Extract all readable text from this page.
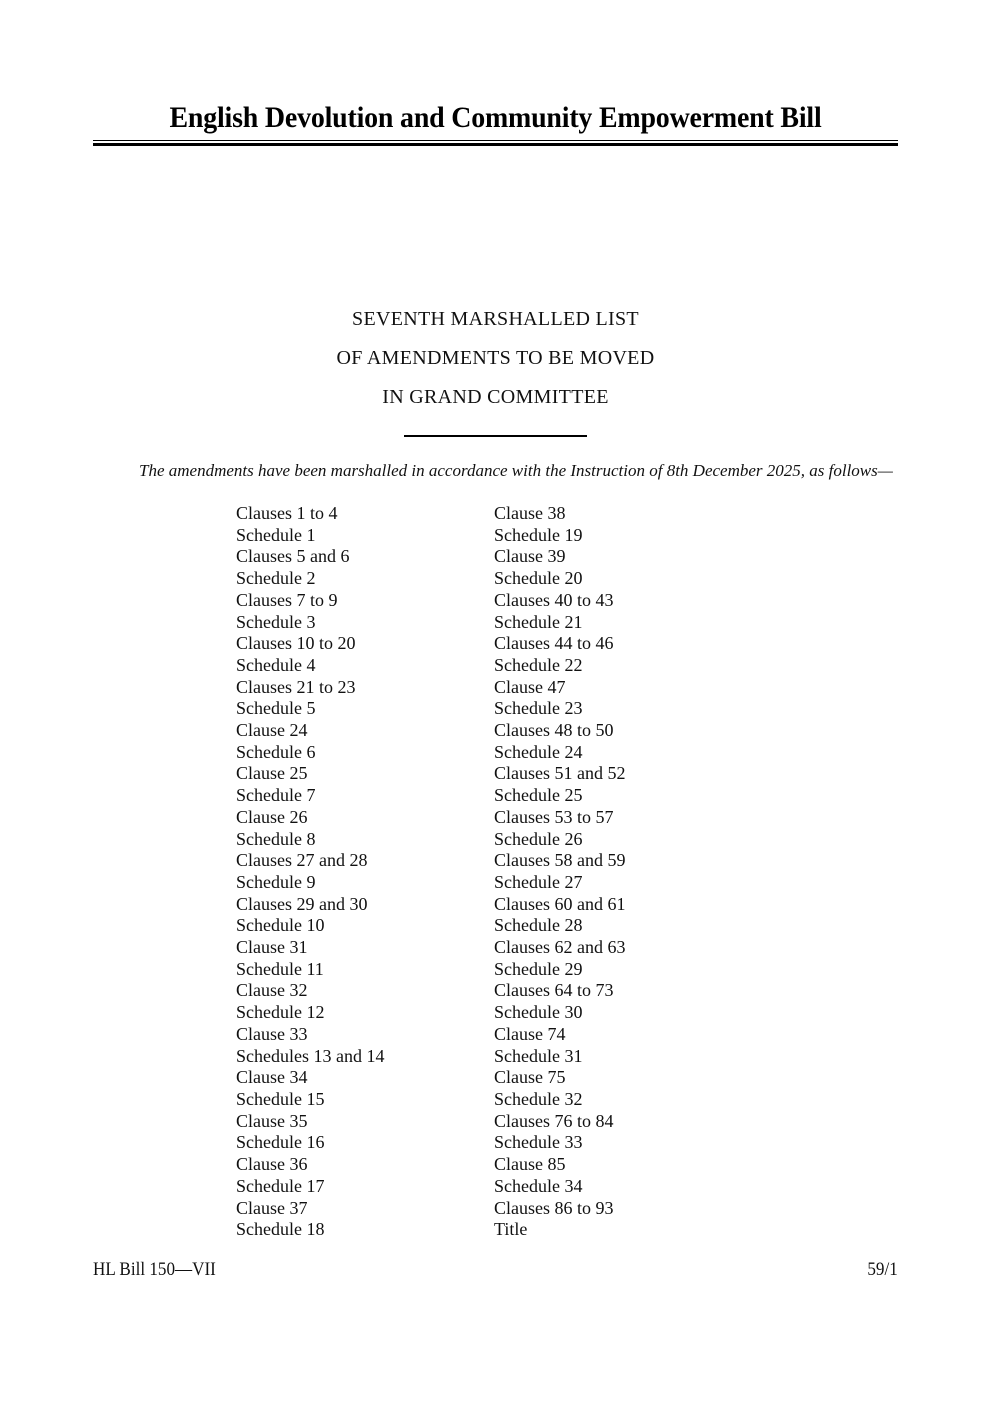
English Devolution and Community Empowerment Bill
SEVENTH MARSHALLED LIST
OF AMENDMENTS TO BE MOVED
IN GRAND COMMITTEE
The amendments have been marshalled in accordance with the Instruction of 8th December 2025, as follows—
Clauses 1 to 4
Schedule 1
Clauses 5 and 6
Schedule 2
Clauses 7 to 9
Schedule 3
Clauses 10 to 20
Schedule 4
Clauses 21 to 23
Schedule 5
Clause 24
Schedule 6
Clause 25
Schedule 7
Clause 26
Schedule 8
Clauses 27 and 28
Schedule 9
Clauses 29 and 30
Schedule 10
Clause 31
Schedule 11
Clause 32
Schedule 12
Clause 33
Schedules 13 and 14
Clause 34
Schedule 15
Clause 35
Schedule 16
Clause 36
Schedule 17
Clause 37
Schedule 18
Clause 38
Schedule 19
Clause 39
Schedule 20
Clauses 40 to 43
Schedule 21
Clauses 44 to 46
Schedule 22
Clause 47
Schedule 23
Clauses 48 to 50
Schedule 24
Clauses 51 and 52
Schedule 25
Clauses 53 to 57
Schedule 26
Clauses 58 and 59
Schedule 27
Clauses 60 and 61
Schedule 28
Clauses 62 and 63
Schedule 29
Clauses 64 to 73
Schedule 30
Clause 74
Schedule 31
Clause 75
Schedule 32
Clauses 76 to 84
Schedule 33
Clause 85
Schedule 34
Clauses 86 to 93
Title
HL Bill 150—VII	59/1
